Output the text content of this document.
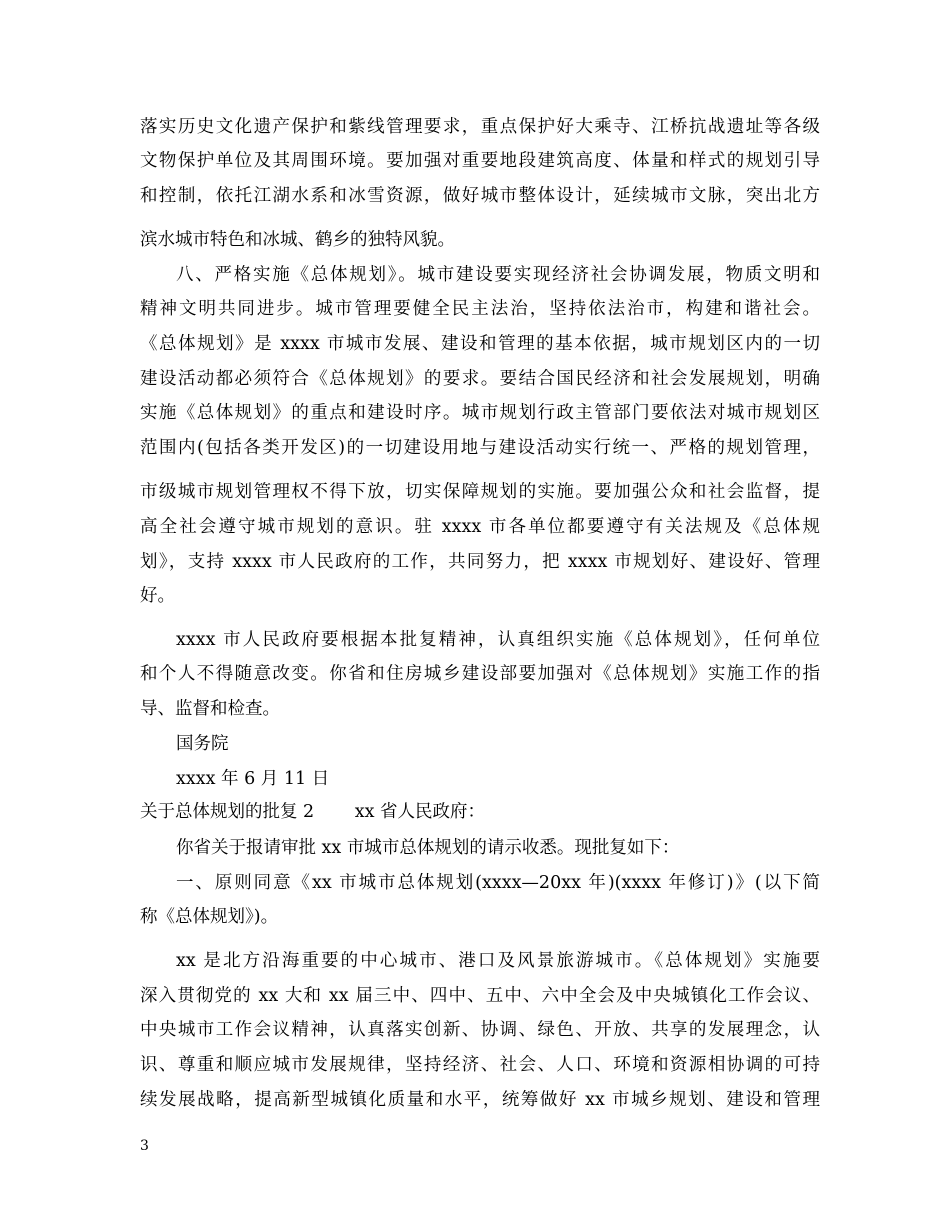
落实历史文化遗产保护和紫线管理要求，重点保护好大乘寺、江桥抗战遗址等各级
文物保护单位及其周围环境。要加强对重要地段建筑高度、体量和样式的规划引导
和控制，依托江湖水系和冰雪资源，做好城市整体设计，延续城市文脉，突出北方
滨水城市特色和冰城、鹤乡的独特风貌。
八、严格实施《总体规划》。城市建设要实现经济社会协调发展，物质文明和
精神文明共同进步。城市管理要健全民主法治，坚持依法治市，构建和谐社会。
《总体规划》是 xxxx 市城市发展、建设和管理的基本依据，城市规划区内的一切
建设活动都必须符合《总体规划》的要求。要结合国民经济和社会发展规划，明确
实施《总体规划》的重点和建设时序。城市规划行政主管部门要依法对城市规划区
范围内(包括各类开发区)的一切建设用地与建设活动实行统一、严格的规划管理，
市级城市规划管理权不得下放，切实保障规划的实施。要加强公众和社会监督，提
高全社会遵守城市规划的意识。驻 xxxx 市各单位都要遵守有关法规及《总体规
划》，支持 xxxx 市人民政府的工作，共同努力，把 xxxx 市规划好、建设好、管理
好。
xxxx 市人民政府要根据本批复精神，认真组织实施《总体规划》，任何单位
和个人不得随意改变。你省和住房城乡建设部要加强对《总体规划》实施工作的指
导、监督和检查。
国务院
xxxx 年 6 月 11 日
关于总体规划的批复 2　　 xx 省人民政府：
你省关于报请审批 xx 市城市总体规划的请示收悉。现批复如下：
一、原则同意《xx 市城市总体规划(xxxx—20xx 年)(xxxx 年修订)》(以下简
称《总体规划》)。
xx 是北方沿海重要的中心城市、港口及风景旅游城市。《总体规划》实施要
深入贯彻党的 xx 大和 xx 届三中、四中、五中、六中全会及中央城镇化工作会议、
中央城市工作会议精神，认真落实创新、协调、绿色、开放、共享的发展理念，认
识、尊重和顺应城市发展规律，坚持经济、社会、人口、环境和资源相协调的可持
续发展战略，提高新型城镇化质量和水平，统筹做好 xx 市城乡规划、建设和管理
3
